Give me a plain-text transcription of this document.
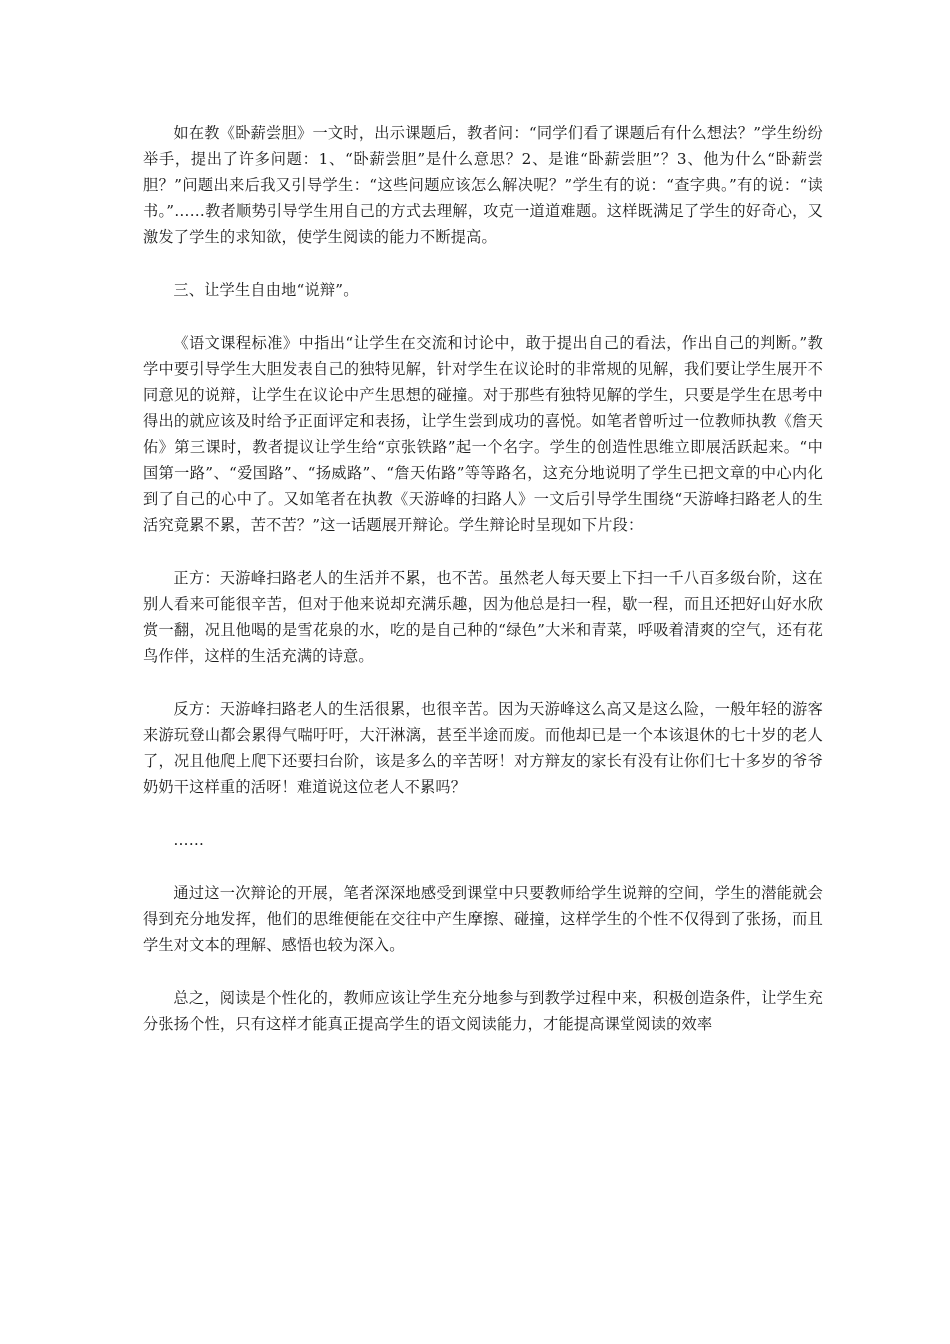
如在教《卧薪尝胆》一文时，出示课题后，教者问：“同学们看了课题后有什么想法？”学生纷纷举手，提出了许多问题：1、“卧薪尝胆”是什么意思？2、是谁“卧薪尝胆”？3、他为什么“卧薪尝胆？”问题出来后我又引导学生：“这些问题应该怎么解决呢？”学生有的说：“查字典。”有的说：“读书。”……教者顺势引导学生用自己的方式去理解，攻克一道道难题。这样既满足了学生的好奇心，又激发了学生的求知欲，使学生阅读的能力不断提高。

三、让学生自由地“说辩”。

《语文课程标准》中指出“让学生在交流和讨论中，敢于提出自己的看法，作出自己的判断。”教学中要引导学生大胆发表自己的独特见解，针对学生在议论时的非常规的见解，我们要让学生展开不同意见的说辩，让学生在议论中产生思想的碰撞。对于那些有独特见解的学生，只要是学生在思考中得出的就应该及时给予正面评定和表扬，让学生尝到成功的喜悦。如笔者曾听过一位教师执教《詹天佑》第三课时，教者提议让学生给“京张铁路”起一个名字。学生的创造性思维立即展活跃起来。“中国第一路”、“爱国路”、“扬威路”、“詹天佑路”等等路名，这充分地说明了学生已把文章的中心内化到了自己的心中了。又如笔者在执教《天游峰的扫路人》一文后引导学生围绕“天游峰扫路老人的生活究竟累不累，苦不苦？”这一话题展开辩论。学生辩论时呈现如下片段：

正方：天游峰扫路老人的生活并不累，也不苦。虽然老人每天要上下扫一千八百多级台阶，这在别人看来可能很辛苦，但对于他来说却充满乐趣，因为他总是扫一程，歇一程，而且还把好山好水欣赏一翻，况且他喝的是雪花泉的水，吃的是自己种的“绿色”大米和青菜，呼吸着清爽的空气，还有花鸟作伴，这样的生活充满的诗意。

反方：天游峰扫路老人的生活很累，也很辛苦。因为天游峰这么高又是这么险，一般年轻的游客来游玩登山都会累得气喘吁吁，大汗淋漓，甚至半途而废。而他却已是一个本该退休的七十岁的老人了，况且他爬上爬下还要扫台阶，该是多么的辛苦呀！对方辩友的家长有没有让你们七十多岁的爷爷奶奶干这样重的活呀！难道说这位老人不累吗？

……

通过这一次辩论的开展，笔者深深地感受到课堂中只要教师给学生说辩的空间，学生的潜能就会得到充分地发挥，他们的思维便能在交往中产生摩擦、碰撞，这样学生的个性不仅得到了张扬，而且学生对文本的理解、感悟也较为深入。

总之，阅读是个性化的，教师应该让学生充分地参与到教学过程中来，积极创造条件，让学生充分张扬个性，只有这样才能真正提高学生的语文阅读能力，才能提高课堂阅读的效率
